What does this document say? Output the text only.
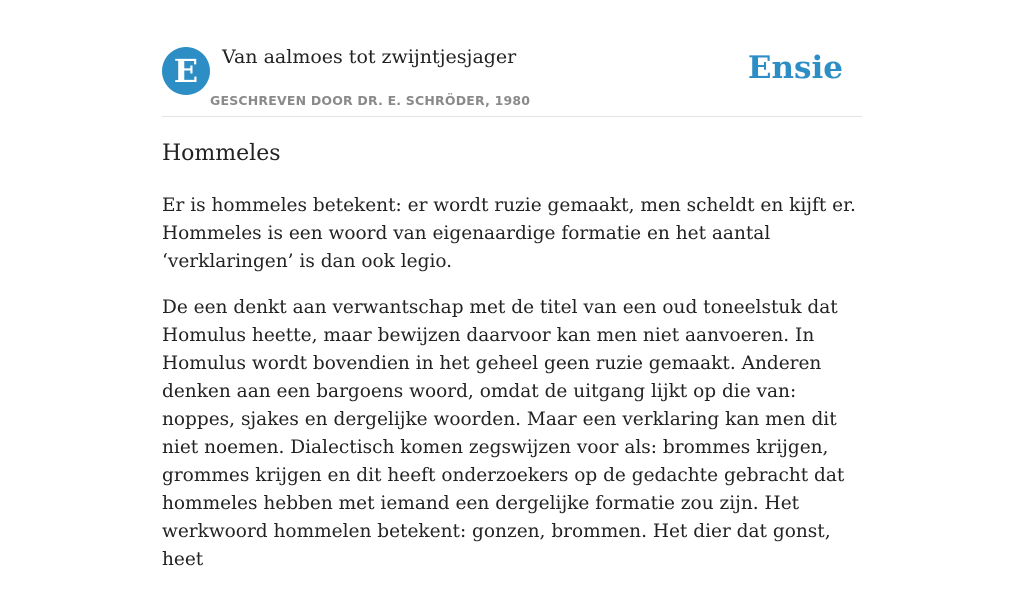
E	Van aalmoes tot zwijntjesjager
GESCHREVEN DOOR DR. E. SCHRÖDER, 1980
Ensie
Hommeles

Er is hommeles betekent: er wordt ruzie gemaakt, men scheldt en kijft er. Hommeles is een woord van eigenaardige formatie en het aantal ‘verklaringen’ is dan ook legio.

De een denkt aan verwantschap met de titel van een oud toneelstuk dat Homulus heette, maar bewijzen daarvoor kan men niet aanvoeren. In Homulus wordt bovendien in het geheel geen ruzie gemaakt. Anderen denken aan een bargoens woord, omdat de uitgang lijkt op die van: noppes, sjakes en dergelijke woorden. Maar een verklaring kan men dit niet noemen. Dialectisch komen zegswijzen voor als: brommes krijgen, grommes krijgen en dit heeft onderzoekers op de gedachte gebracht dat hommeles hebben met iemand een dergelijke formatie zou zijn. Het werkwoord hommelen betekent: gonzen, brommen. Het dier dat gonst, heet
